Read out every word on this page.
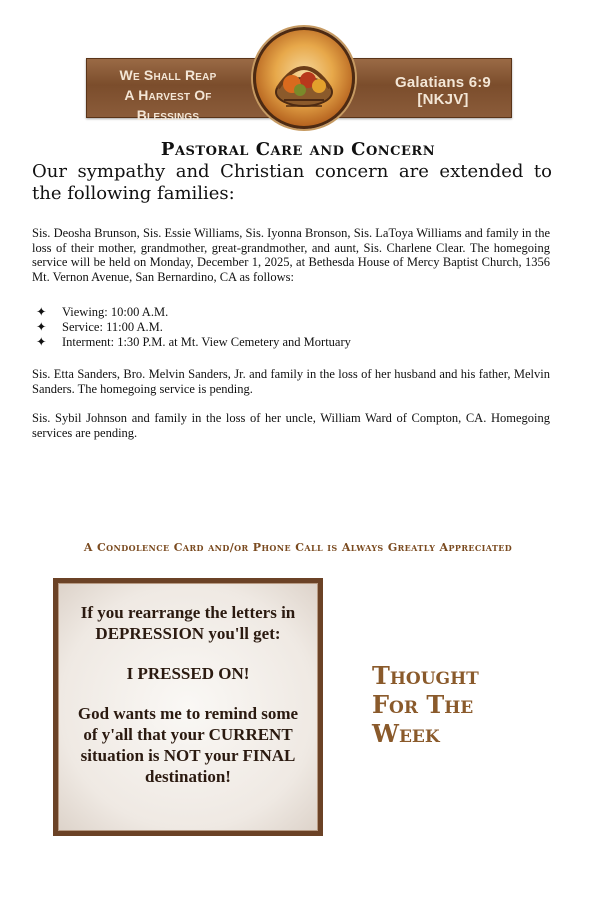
We Shall Reap
A Harvest Of Blessings
Galatians 6:9 [NKJV]
Pastoral Care and Concern
Our sympathy and Christian concern are extended to the following families:
Sis. Deosha Brunson, Sis. Essie Williams, Sis. Iyonna Bronson, Sis. LaToya Williams and family in the loss of their mother, grandmother, great-grandmother, and aunt, Sis. Charlene Clear. The homegoing service will be held on Monday, December 1, 2025, at Bethesda House of Mercy Baptist Church, 1356 Mt. Vernon Avenue, San Bernardino, CA as follows:
✦	Viewing: 10:00 A.M.
✦	Service: 11:00 A.M.
✦	Interment: 1:30 P.M. at Mt. View Cemetery and Mortuary
Sis. Etta Sanders, Bro. Melvin Sanders, Jr. and family in the loss of her husband and his father, Melvin Sanders. The homegoing service is pending.
Sis. Sybil Johnson and family in the loss of her uncle, William Ward of Compton, CA. Homegoing services are pending.
A Condolence Card and/or Phone Call is Always Greatly Appreciated
If you rearrange the letters in
DEPRESSION you'll get:
I PRESSED ON!
God wants me to remind some
of y'all that your CURRENT
situation is NOT your FINAL
destination!
Thought
For The
Week
